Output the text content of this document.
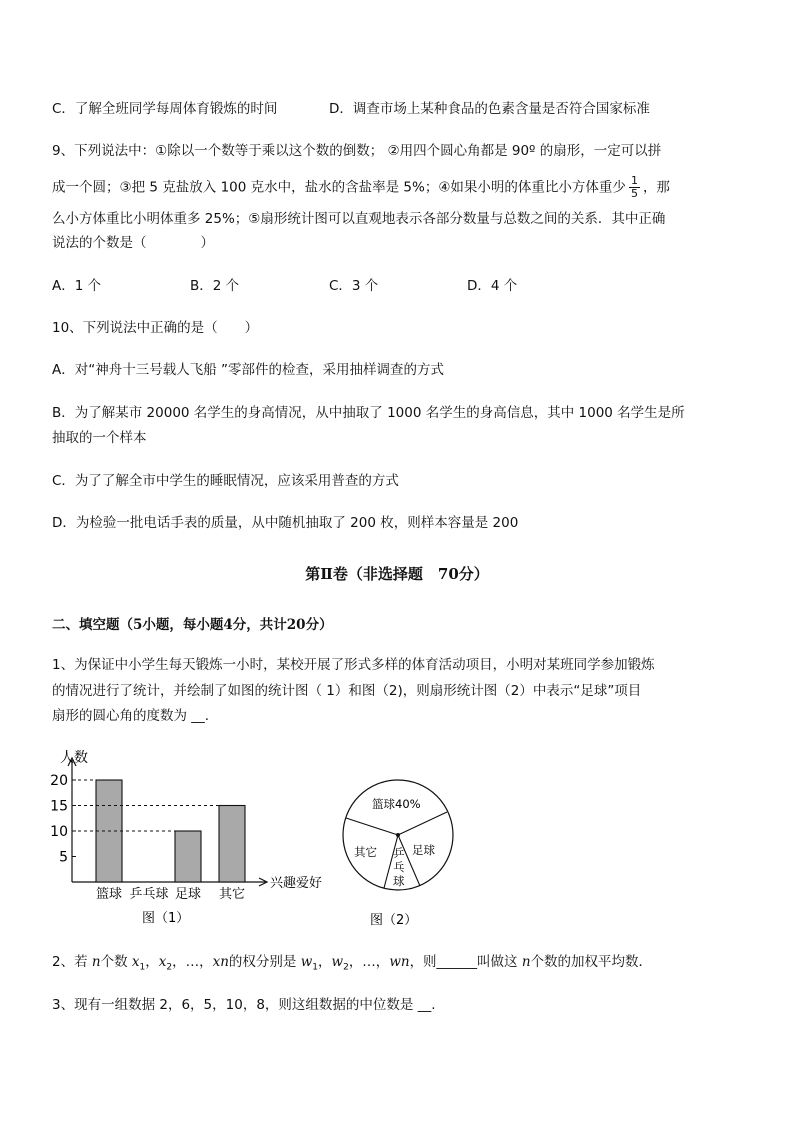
C．了解全班同学每周体育锻炼的时间	D．调查市场上某种食品的色素含量是否符合国家标准
9、下列说法中：①除以一个数等于乘以这个数的倒数； ②用四个圆心角都是 90º 的扇形，一定可以拼
成一个圆；③把 5 克盐放入 100 克水中，盐水的含盐率是 5%；④如果小明的体重比小方体重少 $\frac{1}{5}$ ，那
么小方体重比小明体重多 25%；⑤扇形统计图可以直观地表示各部分数量与总数之间的关系．其中正确
说法的个数是（　　　　）
A．1 个	B．2 个	C．3 个	D．4 个
10、下列说法中正确的是（　　）
A．对“神舟十三号载人飞船 ”零部件的检查，采用抽样调查的方式
B．为了解某市 20000 名学生的身高情况，从中抽取了 1000 名学生的身高信息，其中 1000 名学生是所
抽取的一个样本
C．为了了解全市中学生的睡眠情况，应该采用普查的方式
D．为检验一批电话手表的质量，从中随机抽取了 200 枚，则样本容量是 200
第Ⅱ卷（非选择题　70分）
二、填空题（5小题，每小题4分，共计20分）
1、为保证中小学生每天锻炼一小时，某校开展了形式多样的体育活动项目，小明对某班同学参加锻炼
的情况进行了统计，并绘制了如图的统计图（ 1）和图（2)，则扇形统计图（2）中表示“足球”项目
扇形的圆心角的度数为 __.
5
10
15
20
篮球 乒乓球 足球 其它
人数
兴趣爱好
图（1）
篮球40%
足球
乒
乓
球
其它
图（2）
2、若 n个数 $x_1$，$x_2$，…，xn的权分别是 $w_1$，$w_2$，…，wn，则______叫做这 n个数的加权平均数．
3、现有一组数据 2，6，5，10，8，则这组数据的中位数是 __.
